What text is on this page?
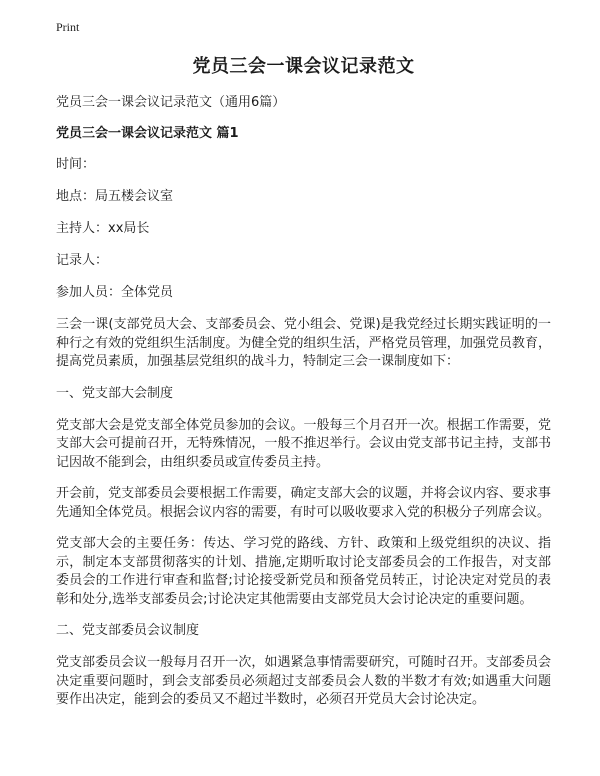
Print
党员三会一课会议记录范文
党员三会一课会议记录范文（通用6篇）
党员三会一课会议记录范文 篇1
时间：
地点：局五楼会议室
主持人：xx局长
记录人：
参加人员：全体党员
三会一课(支部党员大会、支部委员会、党小组会、党课)是我党经过长期实践证明的一种行之有效的党组织生活制度。为健全党的组织生活，严格党员管理，加强党员教育，提高党员素质，加强基层党组织的战斗力，特制定三会一课制度如下：
一、党支部大会制度
党支部大会是党支部全体党员参加的会议。一般每三个月召开一次。根据工作需要，党支部大会可提前召开，无特殊情况，一般不推迟举行。会议由党支部书记主持，支部书记因故不能到会，由组织委员或宣传委员主持。
开会前，党支部委员会要根据工作需要，确定支部大会的议题，并将会议内容、要求事先通知全体党员。根据会议内容的需要，有时可以吸收要求入党的积极分子列席会议。
党支部大会的主要任务：传达、学习党的路线、方针、政策和上级党组织的决议、指示，制定本支部贯彻落实的计划、措施,定期听取讨论支部委员会的工作报告，对支部委员会的工作进行审查和监督;讨论接受新党员和预备党员转正，讨论决定对党员的表彰和处分,选举支部委员会;讨论决定其他需要由支部党员大会讨论决定的重要问题。
二、党支部委员会议制度
党支部委员会议一般每月召开一次，如遇紧急事情需要研究，可随时召开。支部委员会决定重要问题时，到会支部委员必须超过支部委员会人数的半数才有效;如遇重大问题要作出决定，能到会的委员又不超过半数时，必须召开党员大会讨论决定。
